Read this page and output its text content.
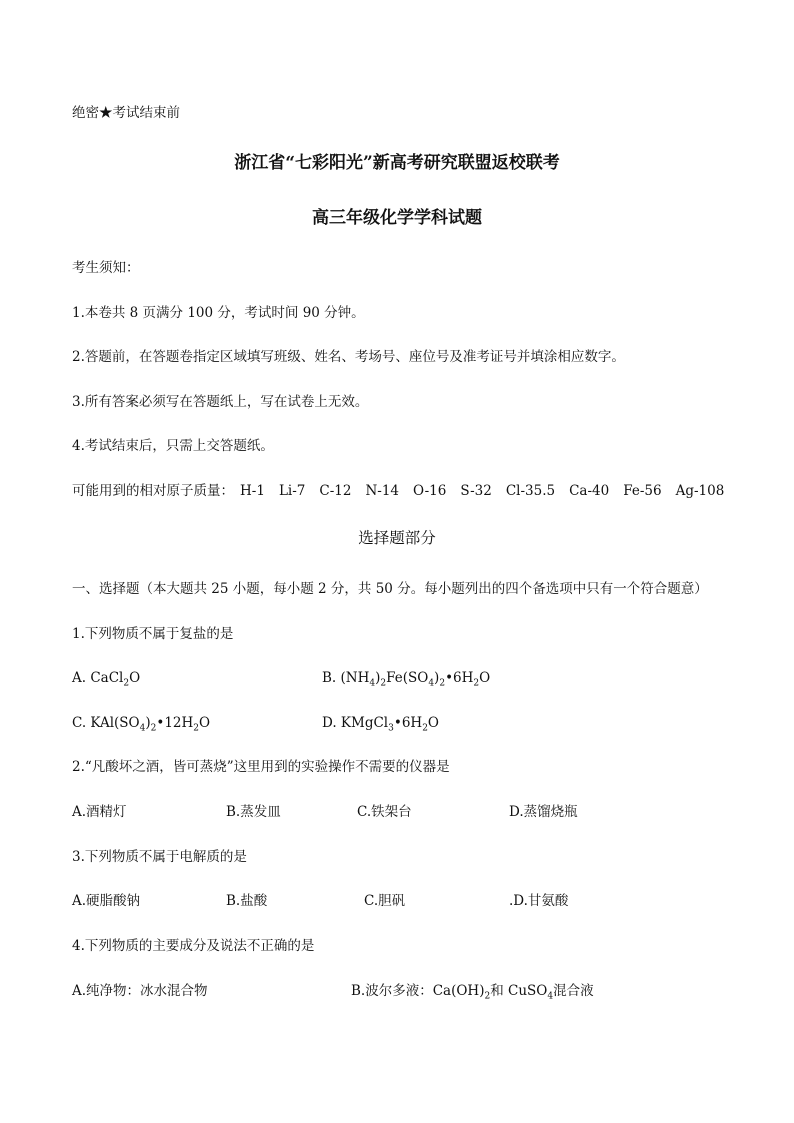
绝密★考试结束前
浙江省“七彩阳光”新高考研究联盟返校联考
高三年级化学学科试题
考生须知：
1.本卷共 8 页满分 100 分，考试时间 90 分钟。
2.答题前，在答题卷指定区域填写班级、姓名、考场号、座位号及准考证号并填涂相应数字。
3.所有答案必须写在答题纸上，写在试卷上无效。
4.考试结束后，只需上交答题纸。
可能用到的相对原子质量： H-1 Li-7 C-12 N-14 O-16 S-32 Cl-35.5 Ca-40 Fe-56 Ag-108
选择题部分
一、选择题（本大题共 25 小题，每小题 2 分，共 50 分。每小题列出的四个备选项中只有一个符合题意）
1.下列物质不属于复盐的是
A. CaCl$_2$O	B. $(NH_4)_2Fe(SO_4)_2•6H_2O$
C. $KAl(SO_4)_2•12H_2O$	D. $KMgCl_3•6H_2O$
2.“凡酸坏之酒，皆可蒸烧”这里用到的实验操作不需要的仪器是
A.酒精灯	B.蒸发皿	C.铁架台	D.蒸馏烧瓶
3.下列物质不属于电解质的是
A.硬脂酸钠	B.盐酸	C.胆矾	.D.甘氨酸
4.下列物质的主要成分及说法不正确的是
A.纯净物：冰水混合物	B.波尔多液：$Ca(OH)_2$和 CuSO$_4$混合液
